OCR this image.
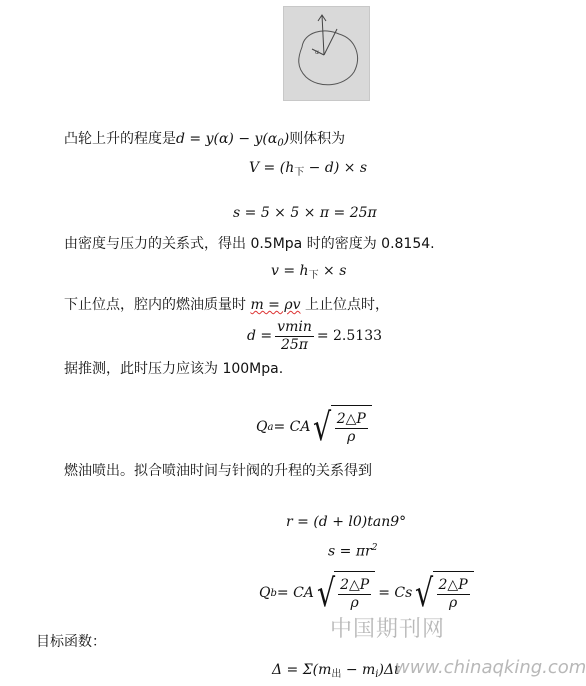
α
凸轮上升的程度是$d = y(\alpha) - y(\alpha_0)$则体积为
$V = (h_下 - d) \times s$
s = 5 × 5 × π = 25π
由密度与压力的关系式，得出 0.5Mpa 时的密度为 0.8154.
$v = h_下 \times s$
下止位点，腔内的燃油质量时 m = ρv 上止位点时，
$d = \frac{vmin}{25\pi} = 2.5133$
据推测，此时压力应该为 100Mpa.
Q a = CA √ $\frac{2\triangle P}{\rho}$
燃油喷出。拟合喷油时间与针阀的升程的关系得到
r = (d + l0)tan9°
$s = \pi r^2$
Q b = CA √ $\frac{2\triangle P}{\rho} = Cs$ √ $\frac{2\triangle P}{\rho}$
目标函数：
$\Delta = \Sigma(m_出 - m_i)\Delta t$
中国期刊网
www.chinaqking.com
